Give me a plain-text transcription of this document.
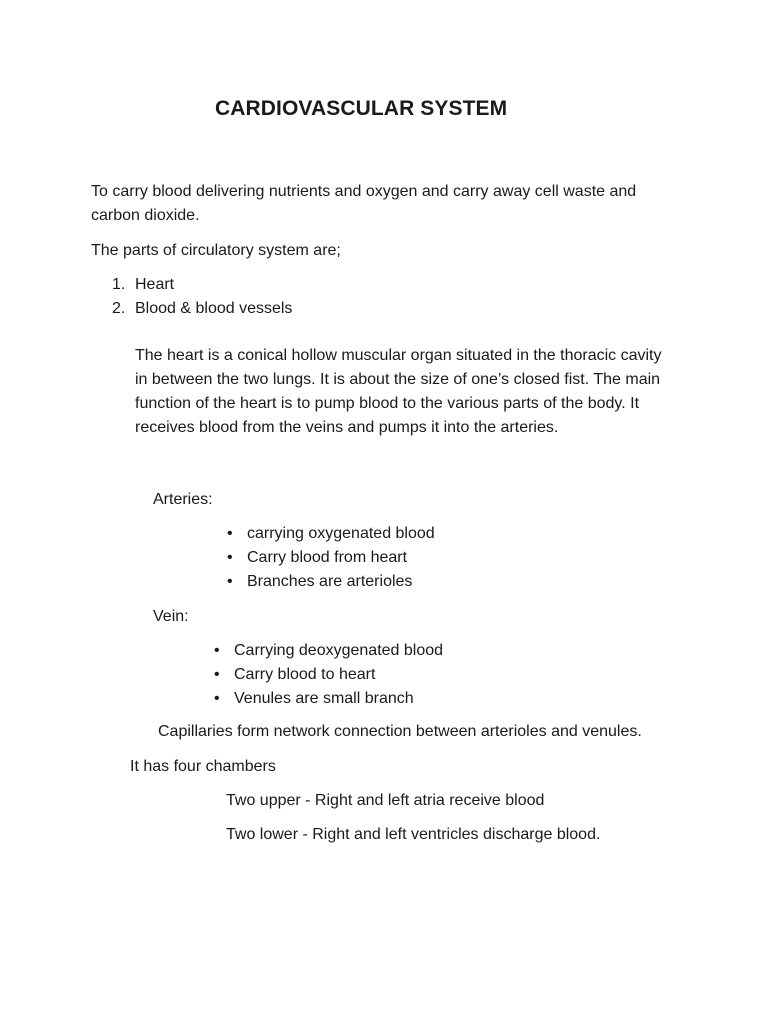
CARDIOVASCULAR SYSTEM

To carry blood delivering nutrients and oxygen and carry away cell waste and carbon dioxide.

The parts of circulatory system are;

1. Heart
2. Blood & blood vessels

The heart is a conical hollow muscular organ situated in the thoracic cavity in between the two lungs. It is about the size of one’s closed fist. The main function of the heart is to pump blood to the various parts of the body. It receives blood from the veins and pumps it into the arteries.

Arteries:

• carrying oxygenated blood
• Carry blood from heart
• Branches are arterioles

Vein:

• Carrying deoxygenated blood
• Carry blood to heart
• Venules are small branch

Capillaries form network connection between arterioles and venules.

It has four chambers

Two upper - Right and left atria receive blood

Two lower - Right and left ventricles discharge blood.
